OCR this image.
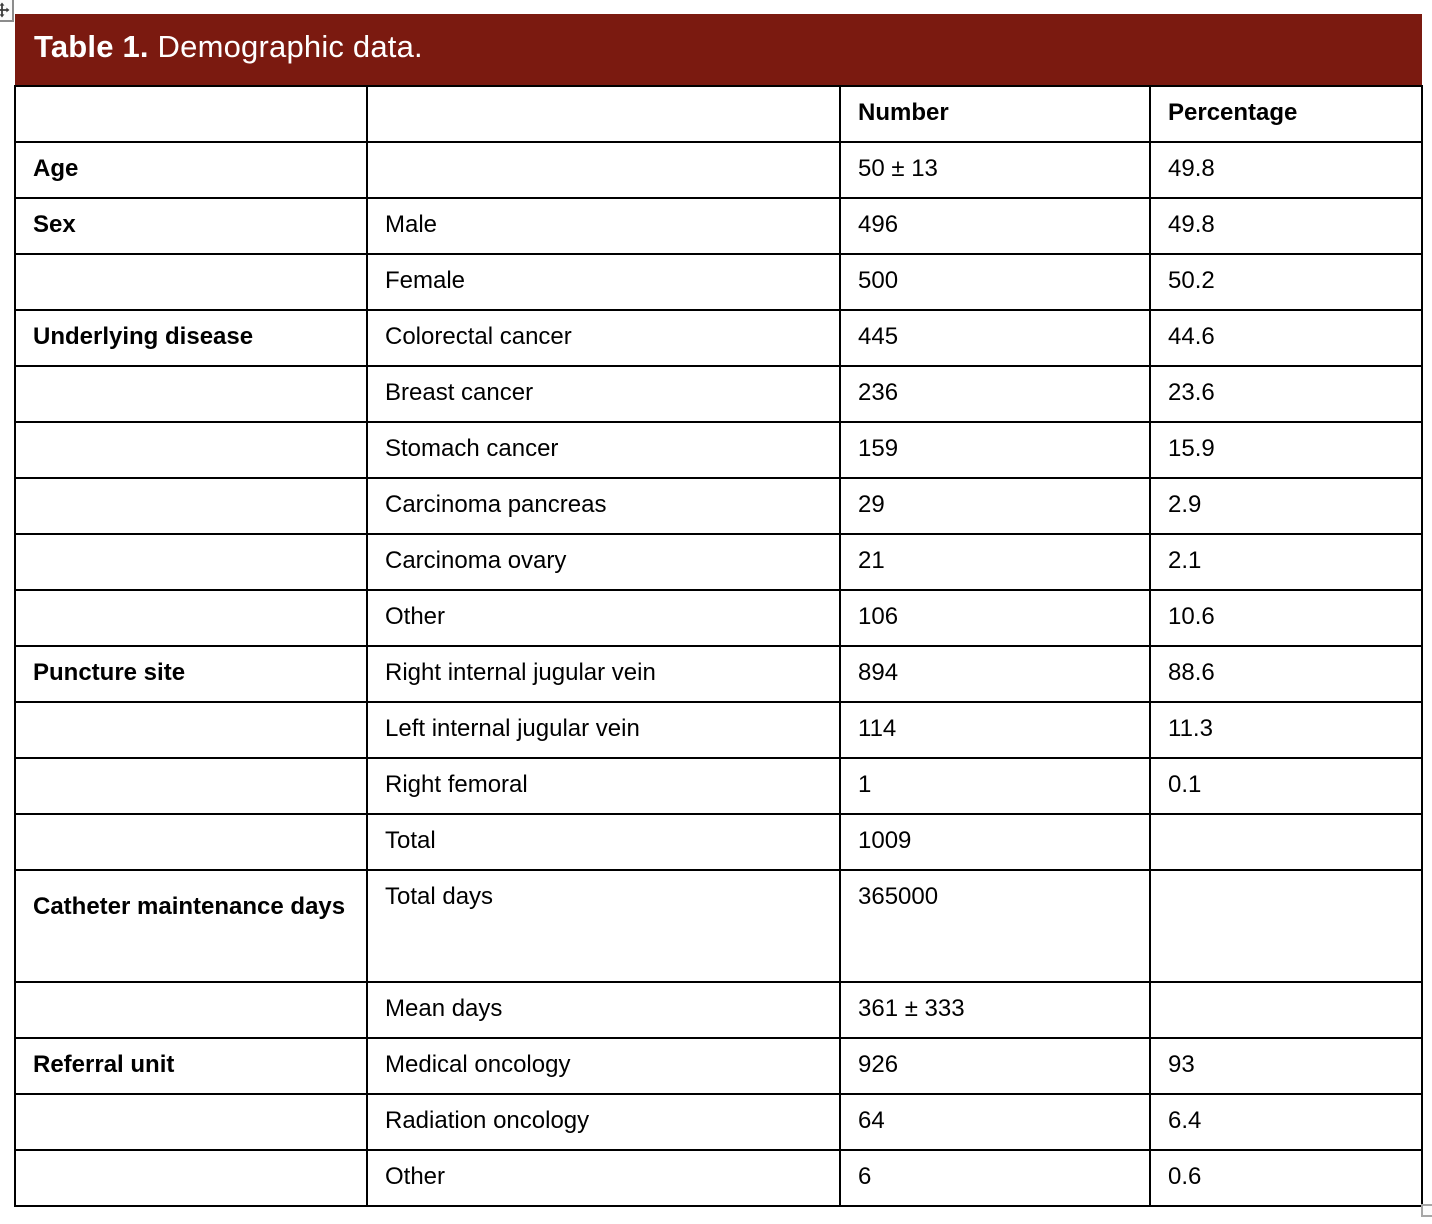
Table 1. Demographic data.			
		Number	Percentage
Age		50 ± 13	49.8
Sex	Male	496	49.8
	Female	500	50.2
Underlying disease	Colorectal cancer	445	44.6
	Breast cancer	236	23.6
	Stomach cancer	159	15.9
	Carcinoma pancreas	29	2.9
	Carcinoma ovary	21	2.1
	Other	106	10.6
Puncture site	Right internal jugular vein	894	88.6
	Left internal jugular vein	114	11.3
	Right femoral	1	0.1
	Total	1009	
Catheter maintenance days	Total days	365000	
	Mean days	361 ± 333	
Referral unit	Medical oncology	926	93
	Radiation oncology	64	6.4
	Other	6	0.6
